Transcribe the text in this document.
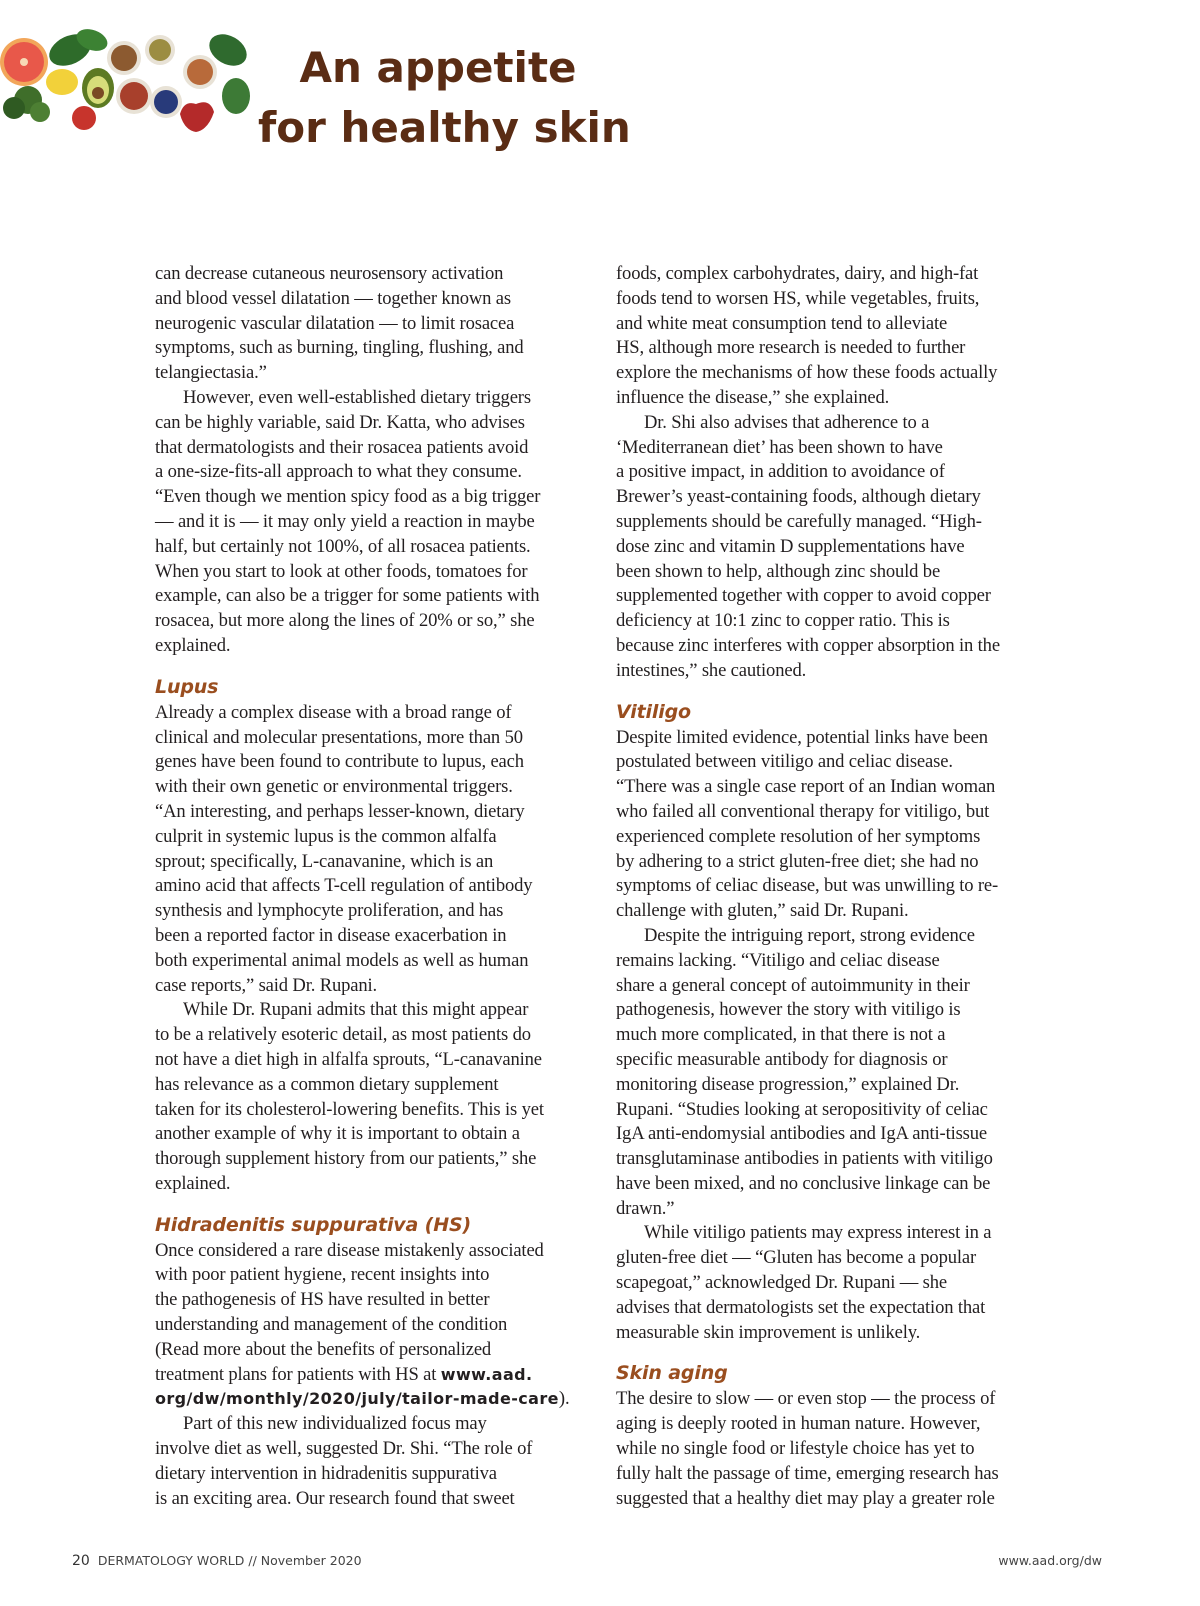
An appetite
for healthy skin

can decrease cutaneous neurosensory activation

and blood vessel dilatation — together known as

neurogenic vascular dilatation — to limit rosacea

symptoms, such as burning, tingling, flushing, and

telangiectasia.”

However, even well-established dietary triggers

can be highly variable, said Dr. Katta, who advises

that dermatologists and their rosacea patients avoid

a one-size-fits-all approach to what they consume.

“Even though we mention spicy food as a big trigger

— and it is — it may only yield a reaction in maybe

half, but certainly not 100%, of all rosacea patients.

When you start to look at other foods, tomatoes for

example, can also be a trigger for some patients with

rosacea, but more along the lines of 20% or so,” she

explained.

Lupus

Already a complex disease with a broad range of

clinical and molecular presentations, more than 50

genes have been found to contribute to lupus, each

with their own genetic or environmental triggers.

“An interesting, and perhaps lesser-known, dietary

culprit in systemic lupus is the common alfalfa

sprout; specifically, L-canavanine, which is an

amino acid that affects T-cell regulation of antibody

synthesis and lymphocyte proliferation, and has

been a reported factor in disease exacerbation in

both experimental animal models as well as human

case reports,” said Dr. Rupani.

While Dr. Rupani admits that this might appear

to be a relatively esoteric detail, as most patients do

not have a diet high in alfalfa sprouts, “L-canavanine

has relevance as a common dietary supplement

taken for its cholesterol-lowering benefits. This is yet

another example of why it is important to obtain a

thorough supplement history from our patients,” she

explained.

Hidradenitis suppurativa (HS)

Once considered a rare disease mistakenly associated

with poor patient hygiene, recent insights into

the pathogenesis of HS have resulted in better

understanding and management of the condition

(Read more about the benefits of personalized

treatment plans for patients with HS at www.aad.

org/dw/monthly/2020/july/tailor-made-care).

Part of this new individualized focus may

involve diet as well, suggested Dr. Shi. “The role of

dietary intervention in hidradenitis suppurativa

is an exciting area. Our research found that sweet

foods, complex carbohydrates, dairy, and high-fat

foods tend to worsen HS, while vegetables, fruits,

and white meat consumption tend to alleviate

HS, although more research is needed to further

explore the mechanisms of how these foods actually

influence the disease,” she explained.

Dr. Shi also advises that adherence to a

‘Mediterranean diet’ has been shown to have

a positive impact, in addition to avoidance of

Brewer’s yeast-containing foods, although dietary

supplements should be carefully managed. “High-

dose zinc and vitamin D supplementations have

been shown to help, although zinc should be

supplemented together with copper to avoid copper

deficiency at 10:1 zinc to copper ratio. This is

because zinc interferes with copper absorption in the

intestines,” she cautioned.

Vitiligo

Despite limited evidence, potential links have been

postulated between vitiligo and celiac disease.

“There was a single case report of an Indian woman

who failed all conventional therapy for vitiligo, but

experienced complete resolution of her symptoms

by adhering to a strict gluten-free diet; she had no

symptoms of celiac disease, but was unwilling to re-

challenge with gluten,” said Dr. Rupani.

Despite the intriguing report, strong evidence

remains lacking. “Vitiligo and celiac disease

share a general concept of autoimmunity in their

pathogenesis, however the story with vitiligo is

much more complicated, in that there is not a

specific measurable antibody for diagnosis or

monitoring disease progression,” explained Dr.

Rupani. “Studies looking at seropositivity of celiac

IgA anti-endomysial antibodies and IgA anti-tissue

transglutaminase antibodies in patients with vitiligo

have been mixed, and no conclusive linkage can be

drawn.”

While vitiligo patients may express interest in a

gluten-free diet — “Gluten has become a popular

scapegoat,” acknowledged Dr. Rupani — she

advises that dermatologists set the expectation that

measurable skin improvement is unlikely.

Skin aging

The desire to slow — or even stop — the process of

aging is deeply rooted in human nature. However,

while no single food or lifestyle choice has yet to

fully halt the passage of time, emerging research has

suggested that a healthy diet may play a greater role

20 DERMATOLOGY WORLD // November 2020	www.aad.org/dw
